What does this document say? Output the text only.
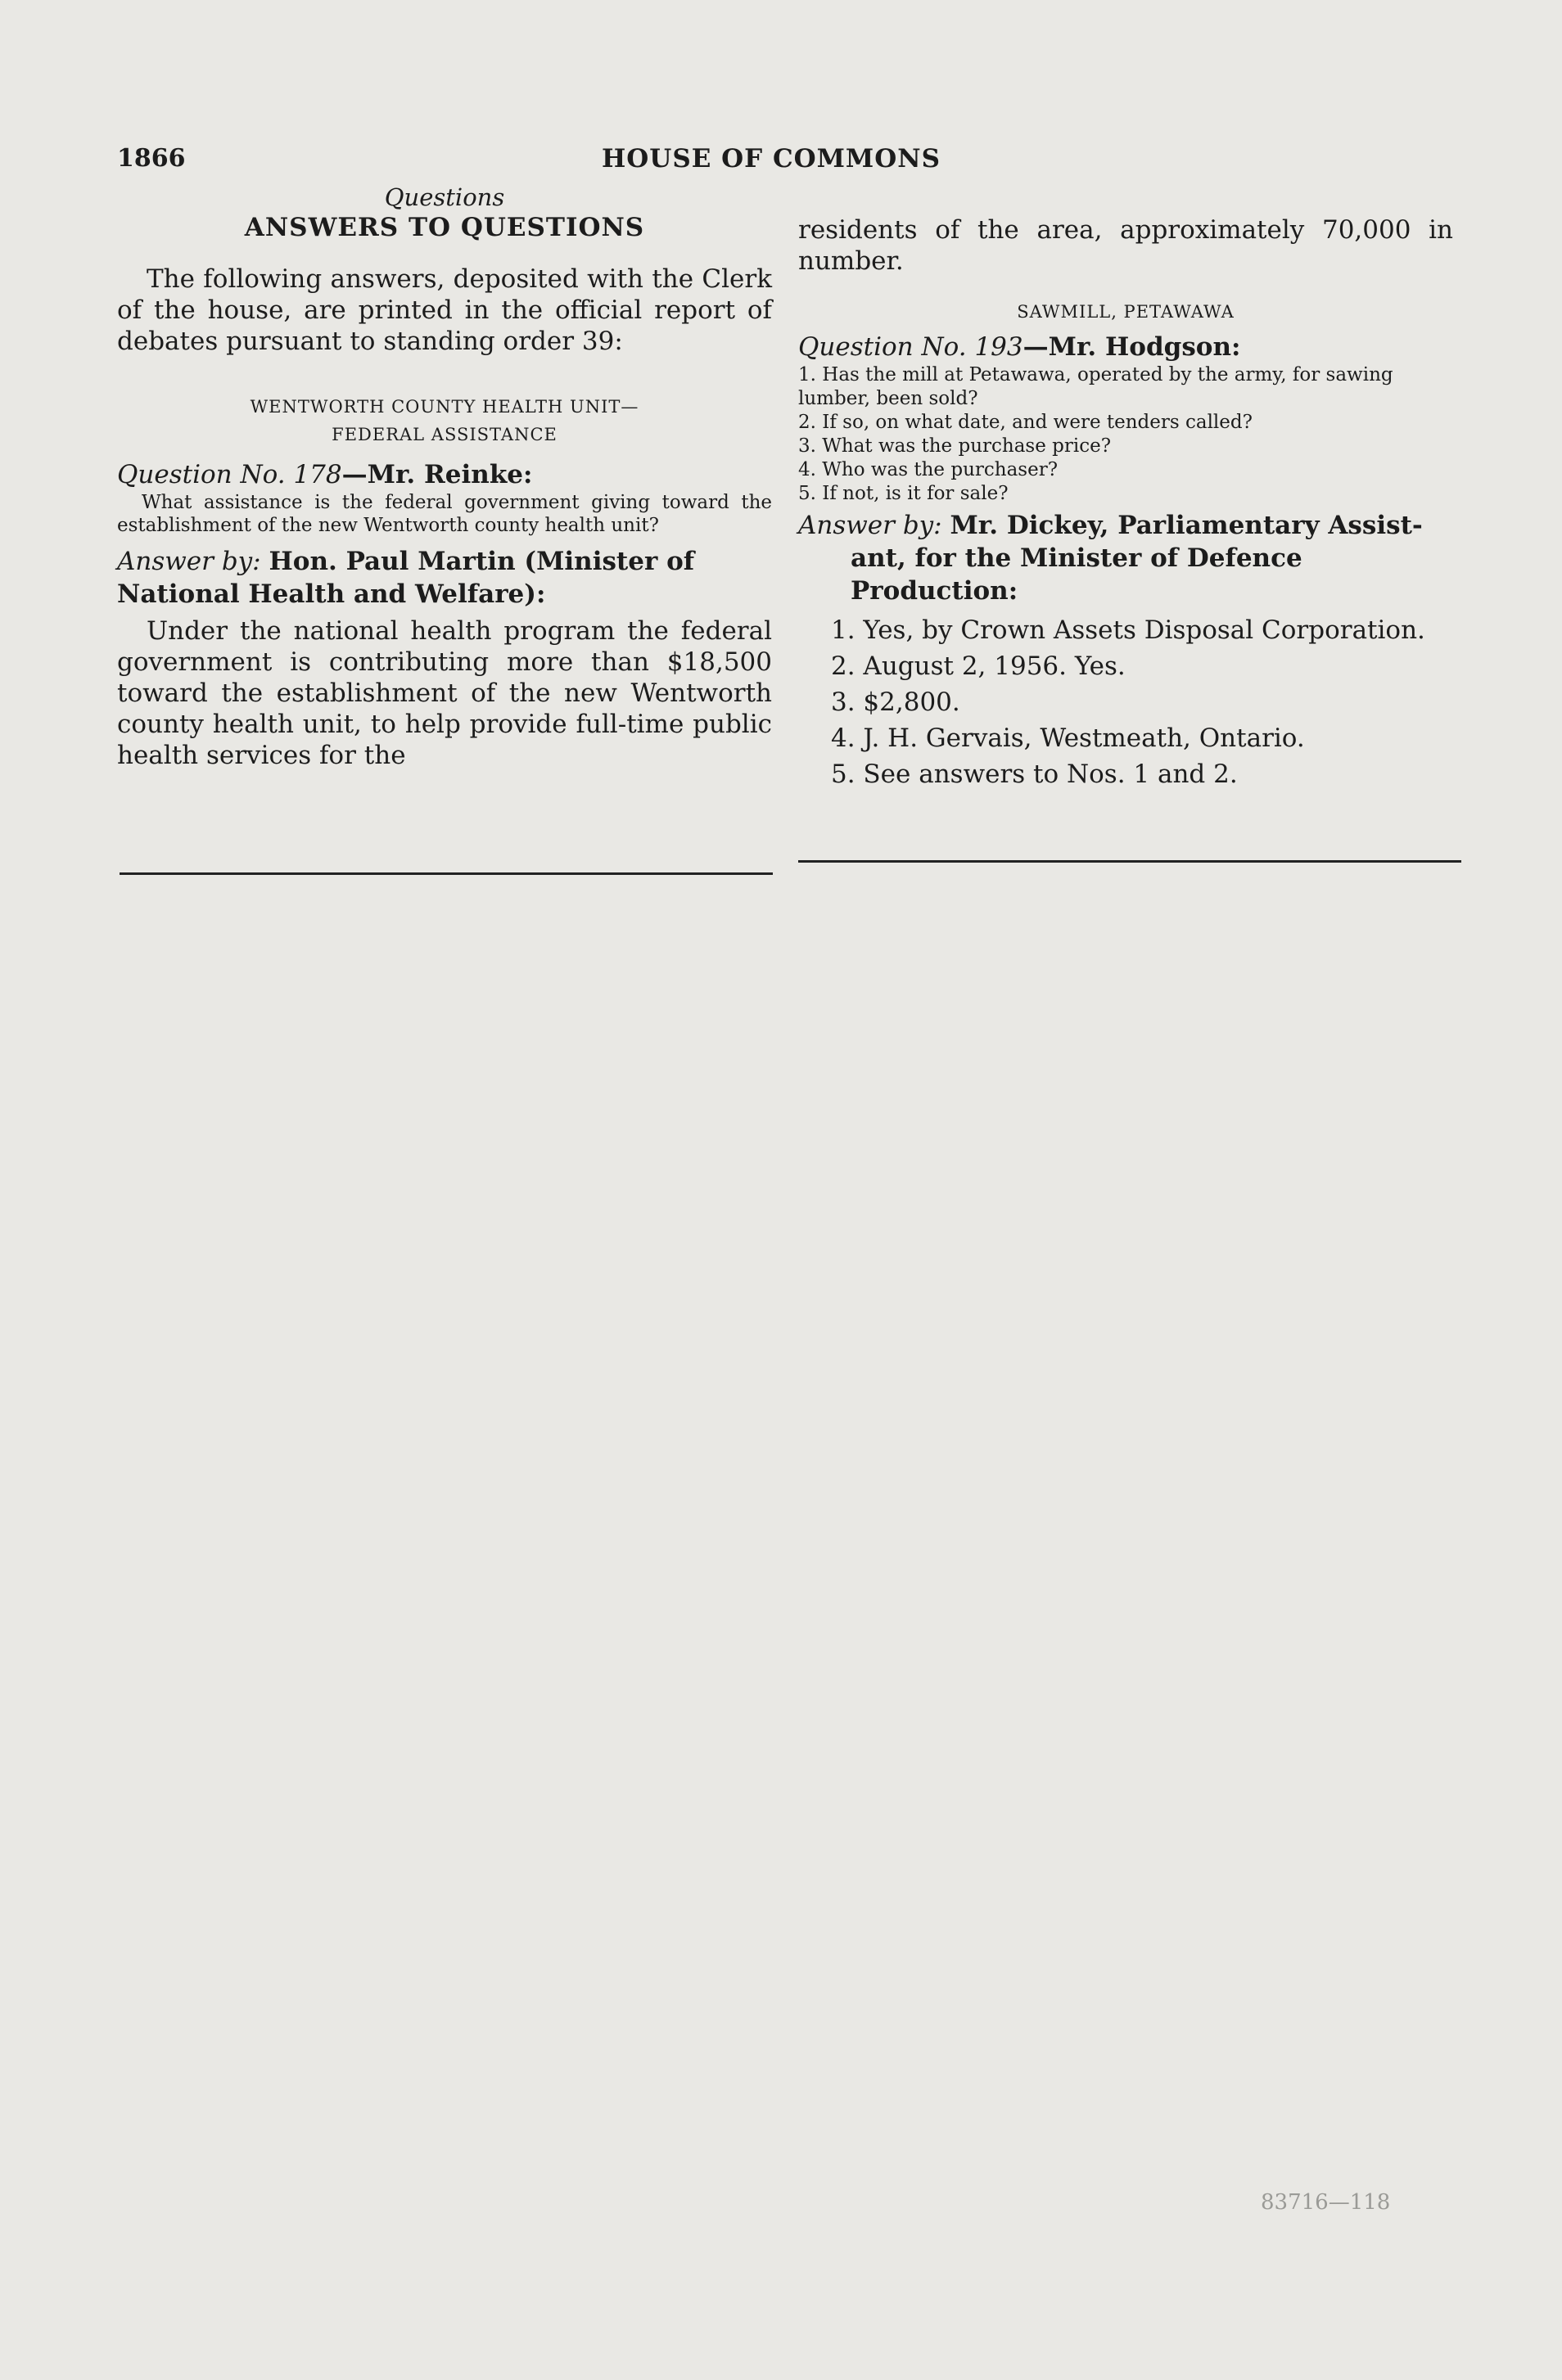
1866	HOUSE OF COMMONS
Questions
ANSWERS TO QUESTIONS

The following answers, deposited with the Clerk of the house, are printed in the official report of debates pursuant to standing order 39:

WENTWORTH COUNTY HEALTH UNIT—

FEDERAL ASSISTANCE

Question No. 178—Mr. Reinke:

What assistance is the federal government giving toward the establishment of the new Wentworth county health unit?

Answer by: Hon. Paul Martin (Minister of National Health and Welfare):

Under the national health program the federal government is contributing more than $18,500 toward the establishment of the new Wentworth county health unit, to help provide full-time public health services for the

residents of the area, approximately 70,000 in number.

SAWMILL, PETAWAWA

Question No. 193—Mr. Hodgson:

1. Has the mill at Petawawa, operated by the army, for sawing lumber, been sold?
2. If so, on what date, and were tenders called?
3. What was the purchase price?
4. Who was the purchaser?
5. If not, is it for sale?

Answer by: Mr. Dickey, Parliamentary Assist-

ant, for the Minister of Defence Production:

1. Yes, by Crown Assets Disposal Corporation.
2. August 2, 1956. Yes.
3. $2,800.
4. J. H. Gervais, Westmeath, Ontario.
5. See answers to Nos. 1 and 2.
83716—118
